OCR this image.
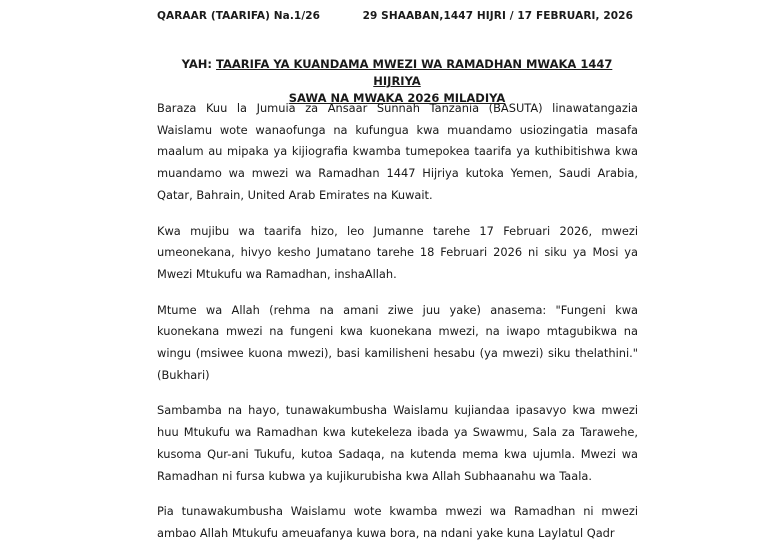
QARAAR (TAARIFA) Na.1/26	29 SHAABAN,1447 HIJRI / 17 FEBRUARI, 2026
YAH: TAARIFA YA KUANDAMA MWEZI WA RAMADHAN MWAKA 1447 HIJRIYA
SAWA NA MWAKA 2026 MILADIYA

Baraza Kuu la Jumuia za Ansaar Sunnah Tanzania (BASUTA) linawatangazia Waislamu wote wanaofunga na kufungua kwa muandamo usiozingatia masafa maalum au mipaka ya kijiografia kwamba tumepokea taarifa ya kuthibitishwa kwa muandamo wa mwezi wa Ramadhan 1447 Hijriya kutoka Yemen, Saudi Arabia, Qatar, Bahrain, United Arab Emirates na Kuwait.

Kwa mujibu wa taarifa hizo, leo Jumanne tarehe 17 Februari 2026, mwezi umeonekana, hivyo kesho Jumatano tarehe 18 Februari 2026 ni siku ya Mosi ya Mwezi Mtukufu wa Ramadhan, inshaAllah.

Mtume wa Allah (rehma na amani ziwe juu yake) anasema: "Fungeni kwa kuonekana mwezi na fungeni kwa kuonekana mwezi, na iwapo mtagubikwa na wingu (msiwee kuona mwezi), basi kamilisheni hesabu (ya mwezi) siku thelathini." (Bukhari)

Sambamba na hayo, tunawakumbusha Waislamu kujiandaa ipasavyo kwa mwezi huu Mtukufu wa Ramadhan kwa kutekeleza ibada ya Swawmu, Sala za Tarawehe, kusoma Qur-ani Tukufu, kutoa Sadaqa, na kutenda mema kwa ujumla. Mwezi wa Ramadhan ni fursa kubwa ya kujikurubisha kwa Allah Subhaanahu wa Taala.

Pia tunawakumbusha Waislamu wote kwamba mwezi wa Ramadhan ni mwezi ambao Allah Mtukufu ameuafanya kuwa bora, na ndani yake kuna Laylatul Qadr
